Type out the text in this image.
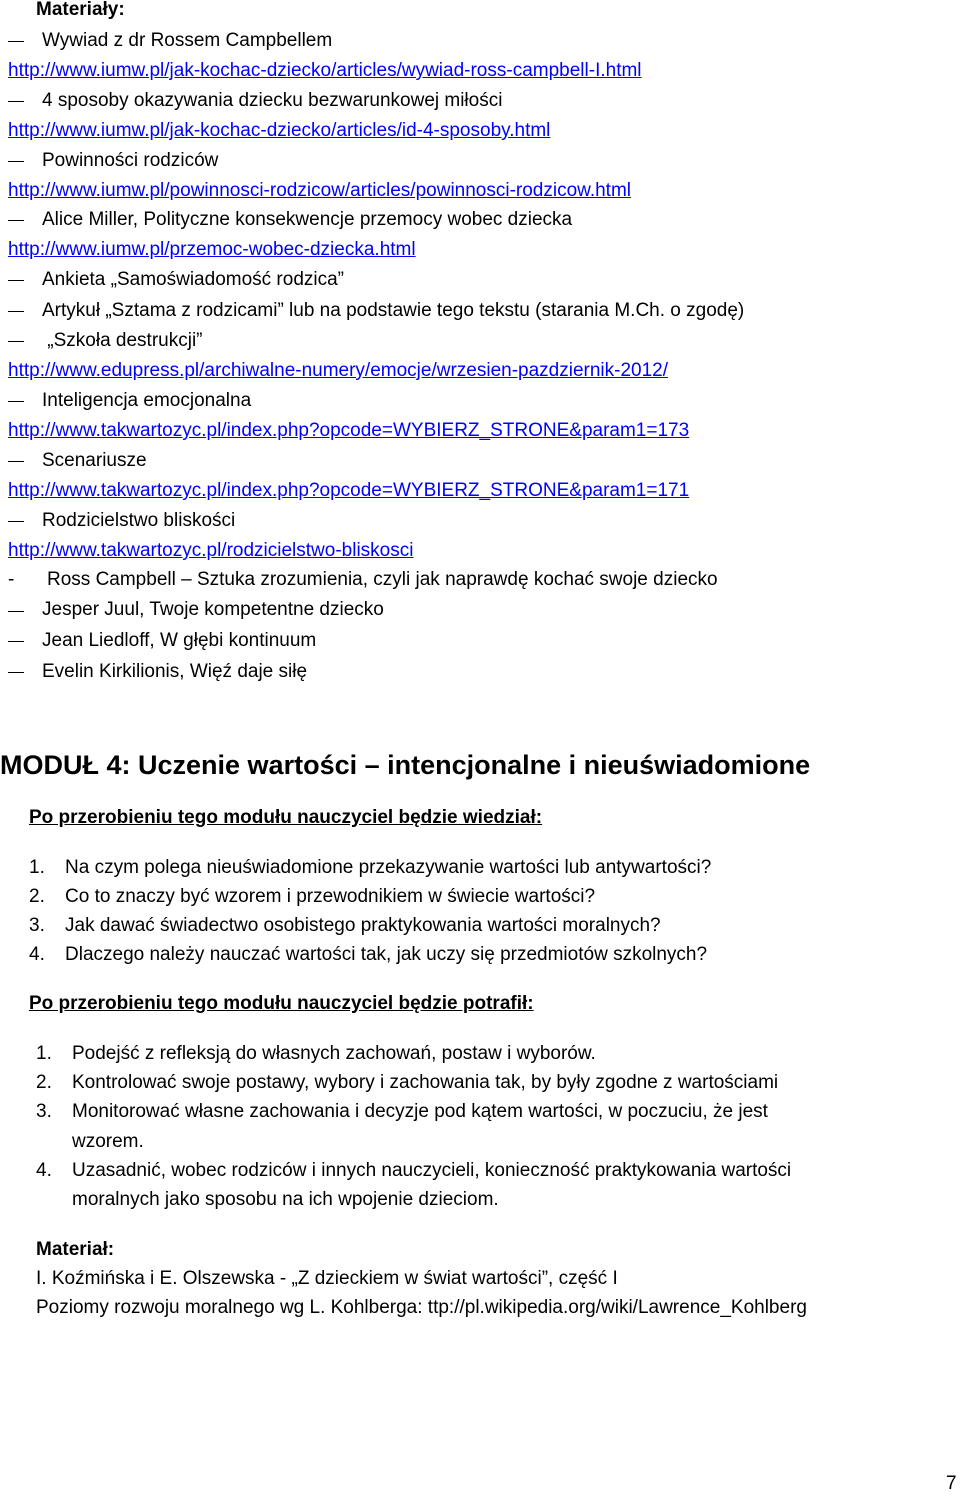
Materiały:
Wywiad z dr Rossem Campbellem
http://www.iumw.pl/jak-kochac-dziecko/articles/wywiad-ross-campbell-I.html
4 sposoby okazywania dziecku bezwarunkowej miłości
http://www.iumw.pl/jak-kochac-dziecko/articles/id-4-sposoby.html
Powinności rodziców
http://www.iumw.pl/powinnosci-rodzicow/articles/powinnosci-rodzicow.html
Alice Miller, Polityczne konsekwencje przemocy wobec dziecka
http://www.iumw.pl/przemoc-wobec-dziecka.html
Ankieta „Samoświadomość rodzica”
Artykuł „Sztama z rodzicami” lub na podstawie tego tekstu (starania M.Ch. o zgodę)
„Szkoła destrukcji”
http://www.edupress.pl/archiwalne-numery/emocje/wrzesien-pazdziernik-2012/
Inteligencja emocjonalna
http://www.takwartozyc.pl/index.php?opcode=WYBIERZ_STRONE&param1=173
Scenariusze
http://www.takwartozyc.pl/index.php?opcode=WYBIERZ_STRONE&param1=171
Rodzicielstwo bliskości
http://www.takwartozyc.pl/rodzicielstwo-bliskosci
- Ross Campbell – Sztuka zrozumienia, czyli jak naprawdę kochać swoje dziecko
Jesper Juul, Twoje kompetentne dziecko
Jean Liedloff, W głębi kontinuum
Evelin Kirkilionis, Więź daje siłę
MODUŁ 4: Uczenie wartości – intencjonalne i nieuświadomione
Po przerobieniu tego modułu nauczyciel będzie wiedział:
1. Na czym polega nieuświadomione przekazywanie wartości lub antywartości?
2. Co to znaczy być wzorem i przewodnikiem w świecie wartości?
3. Jak dawać świadectwo osobistego praktykowania wartości moralnych?
4. Dlaczego należy nauczać wartości tak, jak uczy się przedmiotów szkolnych?
Po przerobieniu tego modułu nauczyciel będzie potrafił:
1. Podejść z refleksją do własnych zachowań, postaw i wyborów.
2. Kontrolować swoje postawy, wybory i zachowania tak, by były zgodne z wartościami
3. Monitorować własne zachowania i decyzje pod kątem wartości, w poczuciu, że jest
wzorem.
4. Uzasadnić, wobec rodziców i innych nauczycieli, konieczność praktykowania wartości
moralnych jako sposobu na ich wpojenie dzieciom.
Materiał:
I. Koźmińska i E. Olszewska - „Z dzieckiem w świat wartości”, część I
Poziomy rozwoju moralnego wg L. Kohlberga: ttp://pl.wikipedia.org/wiki/Lawrence_Kohlberg
7
